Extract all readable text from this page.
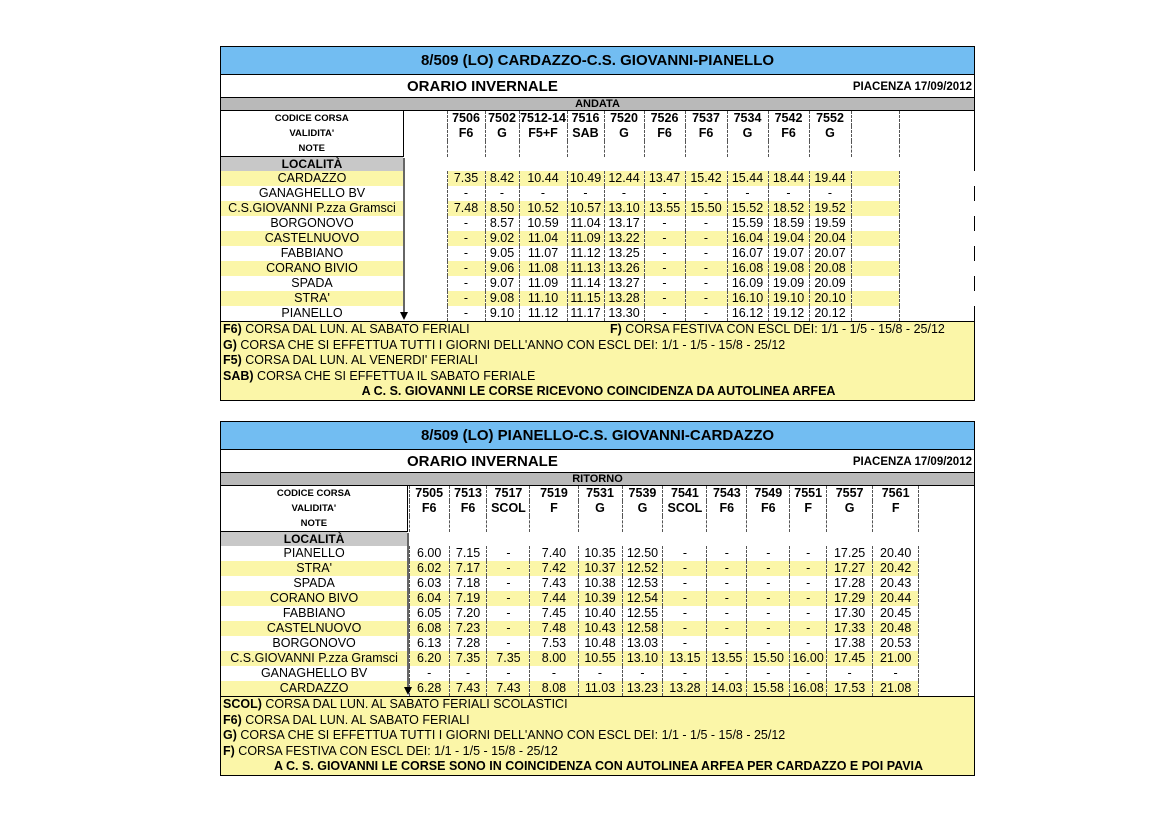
8/509 (LO) CARDAZZO-C.S. GIOVANNI-PIANELLO
ORARIO INVERNALE	PIACENZA 17/09/2012
ANDATA
CODICE CORSA		7506	7502	7512-14	7516	7520	7526	7537	7534	7542	7552		
VALIDITA'		F6	G	F5+F	SAB	G	F6	F6	G	F6	G		
NOTE													
LOCALITÀ													
CARDAZZO		7.35	8.42	10.44	10.49	12.44	13.47	15.42	15.44	18.44	19.44		
GANAGHELLO BV		-	-	-	-	-	-	-	-	-	-		
C.S.GIOVANNI P.zza Gramsci		7.48	8.50	10.52	10.57	13.10	13.55	15.50	15.52	18.52	19.52		
BORGONOVO		-	8.57	10.59	11.04	13.17	-	-	15.59	18.59	19.59		
CASTELNUOVO		-	9.02	11.04	11.09	13.22	-	-	16.04	19.04	20.04		
FABBIANO		-	9.05	11.07	11.12	13.25	-	-	16.07	19.07	20.07		
CORANO BIVIO		-	9.06	11.08	11.13	13.26	-	-	16.08	19.08	20.08		
SPADA		-	9.07	11.09	11.14	13.27	-	-	16.09	19.09	20.09		
STRA'		-	9.08	11.10	11.15	13.28	-	-	16.10	19.10	20.10		
PIANELLO		-	9.10	11.12	11.17	13.30	-	-	16.12	19.12	20.12		
F6) CORSA DAL LUN. AL SABATO FERIALI	F) CORSA FESTIVA CON ESCL DEI: 1/1 - 1/5 - 15/8 - 25/12
G) CORSA CHE SI EFFETTUA TUTTI I GIORNI DELL'ANNO CON ESCL DEI: 1/1 - 1/5 - 15/8 - 25/12
F5) CORSA DAL LUN. AL VENERDI' FERIALI
SAB) CORSA CHE SI EFFETTUA IL SABATO FERIALE
A C. S. GIOVANNI LE CORSE RICEVONO COINCIDENZA DA AUTOLINEA ARFEA
8/509 (LO) PIANELLO-C.S. GIOVANNI-CARDAZZO
ORARIO INVERNALE	PIACENZA 17/09/2012
RITORNO
CODICE CORSA		7505	7513	7517	7519	7531	7539	7541	7543	7549	7551	7557	7561	
VALIDITA'		F6	F6	SCOL	F	G	G	SCOL	F6	F6	F	G	F	
NOTE														
LOCALITÀ														
PIANELLO		6.00	7.15	-	7.40	10.35	12.50	-	-	-	-	17.25	20.40	
STRA'		6.02	7.17	-	7.42	10.37	12.52	-	-	-	-	17.27	20.42	
SPADA		6.03	7.18	-	7.43	10.38	12.53	-	-	-	-	17.28	20.43	
CORANO BIVO		6.04	7.19	-	7.44	10.39	12.54	-	-	-	-	17.29	20.44	
FABBIANO		6.05	7.20	-	7.45	10.40	12.55	-	-	-	-	17.30	20.45	
CASTELNUOVO		6.08	7.23	-	7.48	10.43	12.58	-	-	-	-	17.33	20.48	
BORGONOVO		6.13	7.28	-	7.53	10.48	13.03	-	-	-	-	17.38	20.53	
C.S.GIOVANNI P.zza Gramsci		6.20	7.35	7.35	8.00	10.55	13.10	13.15	13.55	15.50	16.00	17.45	21.00	
GANAGHELLO BV		-	-	-	-	-	-	-	-	-	-	-	-	
CARDAZZO		6.28	7.43	7.43	8.08	11.03	13.23	13.28	14.03	15.58	16.08	17.53	21.08	
SCOL) CORSA DAL LUN. AL SABATO FERIALI SCOLASTICI
F6) CORSA DAL LUN. AL SABATO FERIALI
G) CORSA CHE SI EFFETTUA TUTTI I GIORNI DELL'ANNO CON ESCL DEI: 1/1 - 1/5 - 15/8 - 25/12
F) CORSA FESTIVA CON ESCL DEI: 1/1 - 1/5 - 15/8 - 25/12
A C. S. GIOVANNI LE CORSE SONO IN COINCIDENZA CON AUTOLINEA ARFEA PER CARDAZZO E POI PAVIA
